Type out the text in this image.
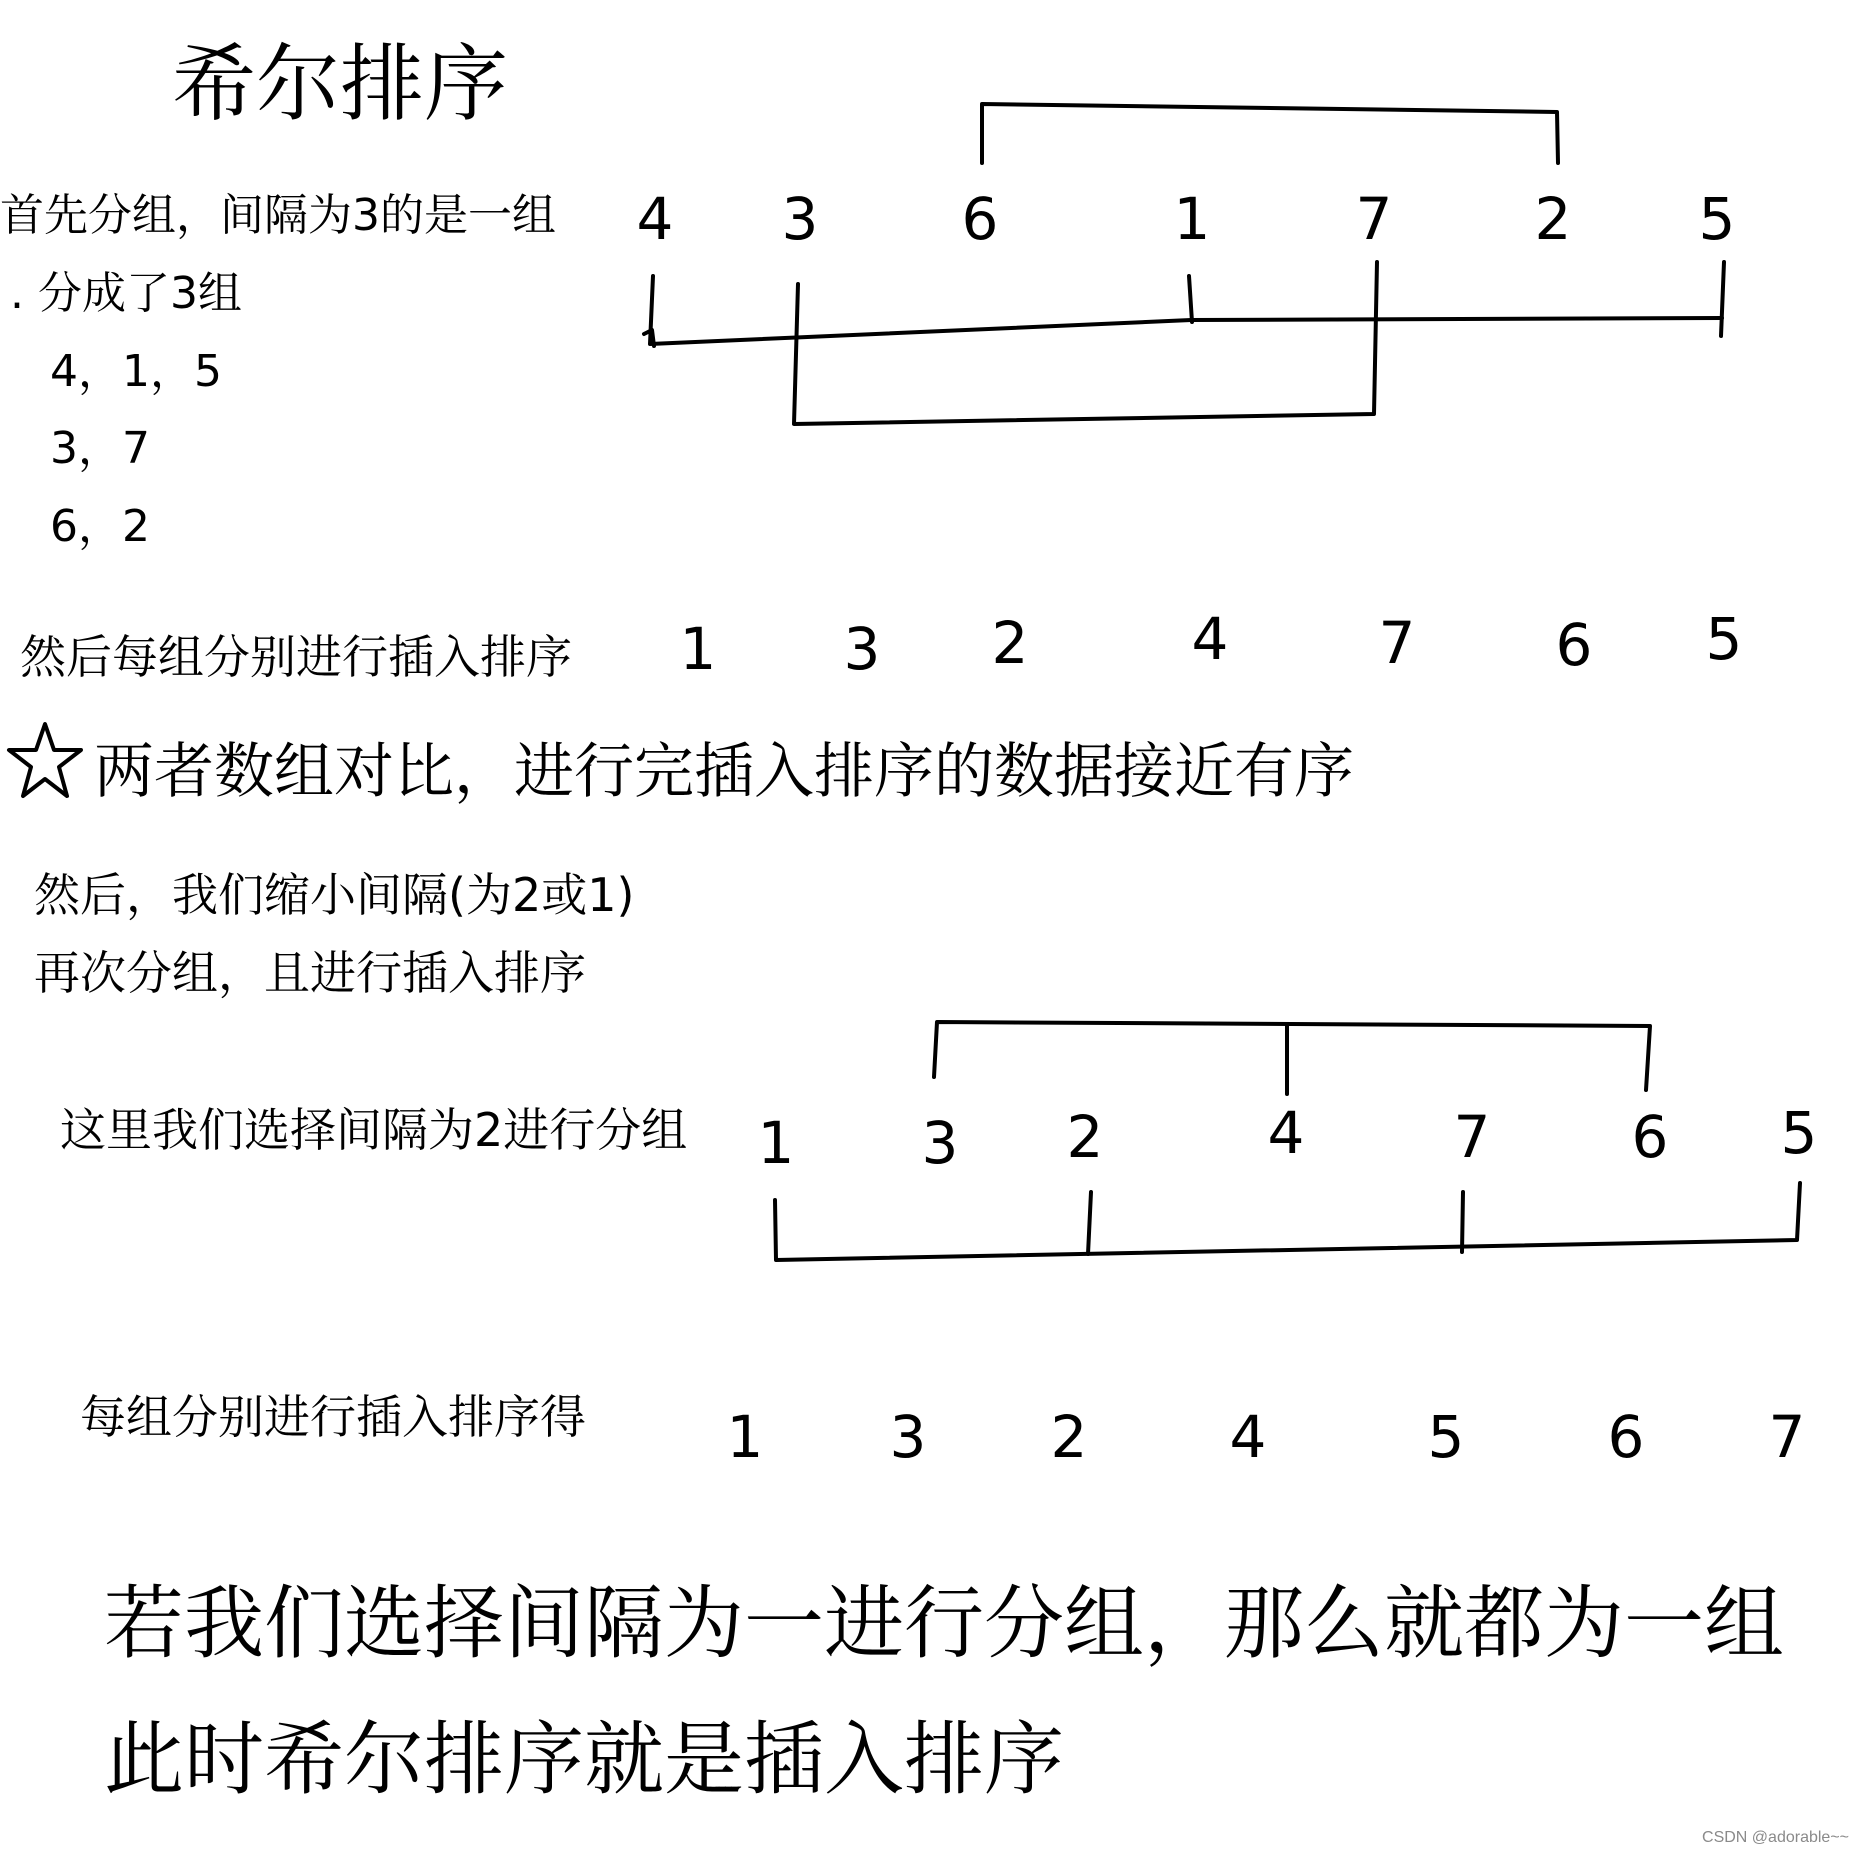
希尔排序
首先分组，间隔为3的是一组
. 分成了3组
4，1，5
3，7
6，2
4 3 6	1	7 2 5
然后每组分别进行插入排序 1 3 2	4	7 6 5
两者数组对比，进行完插入排序的数据接近有序
然后，我们缩小间隔(为2或1)
再次分组，且进行插入排序
这里我们选择间隔为2进行分组 1 3 2	4	7 6 5
每组分别进行插入排序得 1 3 2 4	5 6 7
若我们选择间隔为一进行分组，那么就都为一组
此时希尔排序就是插入排序
CSDN @adorable~~
